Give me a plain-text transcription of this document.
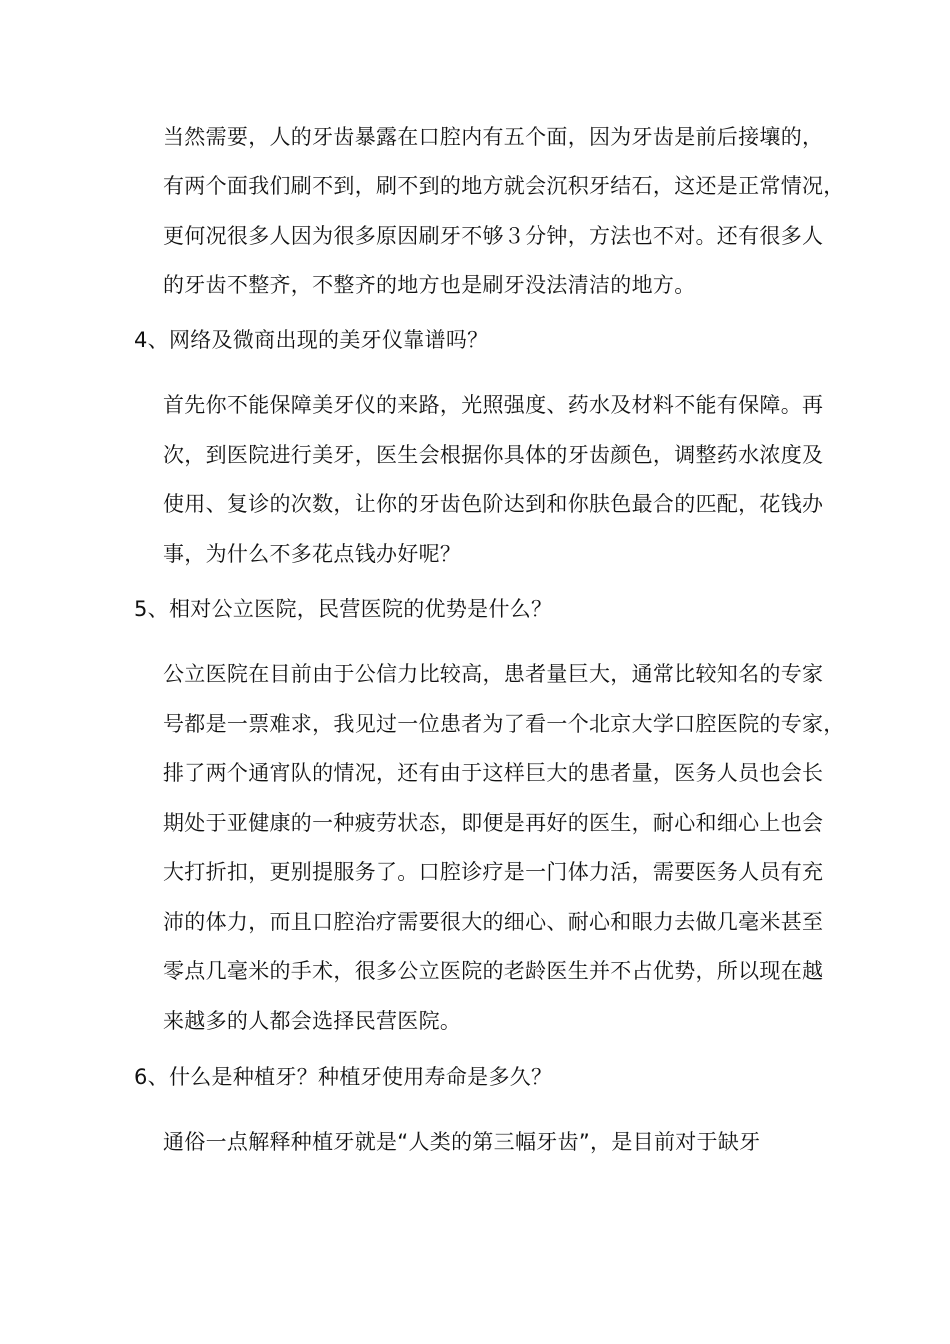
当然需要，人的牙齿暴露在口腔内有五个面，因为牙齿是前后接壤的，
有两个面我们刷不到，刷不到的地方就会沉积牙结石，这还是正常情况，
更何况很多人因为很多原因刷牙不够３分钟，方法也不对。还有很多人
的牙齿不整齐，不整齐的地方也是刷牙没法清洁的地方。
4、网络及微商出现的美牙仪靠谱吗？
首先你不能保障美牙仪的来路，光照强度、药水及材料不能有保障。再
次，到医院进行美牙，医生会根据你具体的牙齿颜色，调整药水浓度及
使用、复诊的次数，让你的牙齿色阶达到和你肤色最合的匹配，花钱办
事，为什么不多花点钱办好呢？
5、相对公立医院，民营医院的优势是什么？
公立医院在目前由于公信力比较高，患者量巨大，通常比较知名的专家
号都是一票难求，我见过一位患者为了看一个北京大学口腔医院的专家，
排了两个通宵队的情况，还有由于这样巨大的患者量，医务人员也会长
期处于亚健康的一种疲劳状态，即便是再好的医生，耐心和细心上也会
大打折扣，更别提服务了。口腔诊疗是一门体力活，需要医务人员有充
沛的体力，而且口腔治疗需要很大的细心、耐心和眼力去做几毫米甚至
零点几毫米的手术，很多公立医院的老龄医生并不占优势，所以现在越
来越多的人都会选择民营医院。
6、什么是种植牙？种植牙使用寿命是多久？
通俗一点解释种植牙就是“人类的第三幅牙齿”，是目前对于缺牙
